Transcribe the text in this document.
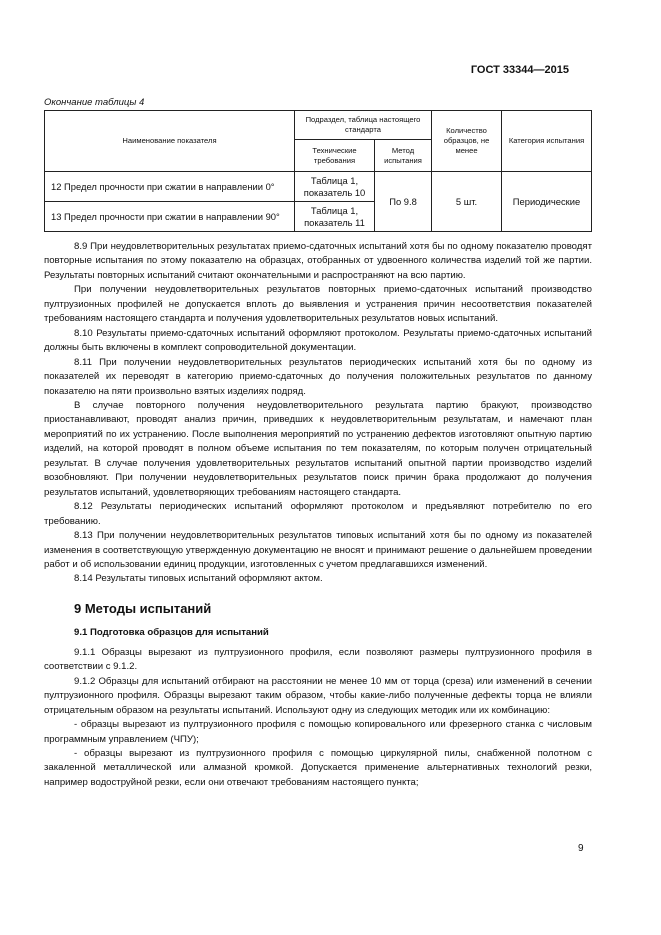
ГОСТ 33344—2015
Окончание таблицы 4
Наименование показателя	Подраздел, таблица настоящего стандарта		Количество образцов, не менее	Категория испытания
	Технические требования	Метод испытания		
12 Предел прочности при сжатии в направлении 0°	Таблица 1, показатель 10	По 9.8	5 шт.	Периодические
13 Предел прочности при сжатии в направлении 90°	Таблица 1, показатель 11			

8.9 При неудовлетворительных результатах приемо-сдаточных испытаний хотя бы по одному показателю проводят повторные испытания по этому показателю на образцах, отобранных от удвоенного количества изделий той же партии. Результаты повторных испытаний считают окончательными и распространяют на всю партию.

При получении неудовлетворительных результатов повторных приемо-сдаточных испытаний производство пултрузионных профилей не допускается вплоть до выявления и устранения причин несоответствия показателей требованиям настоящего стандарта и получения удовлетворительных результатов новых испытаний.

8.10 Результаты приемо-сдаточных испытаний оформляют протоколом. Результаты приемо-сдаточных испытаний должны быть включены в комплект сопроводительной документации.

8.11 При получении неудовлетворительных результатов периодических испытаний хотя бы по одному из показателей их переводят в категорию приемо-сдаточных до получения положительных результатов по данному показателю на пяти произвольно взятых изделиях подряд.

В случае повторного получения неудовлетворительного результата партию бракуют, производство приостанавливают, проводят анализ причин, приведших к неудовлетворительным результатам, и намечают план мероприятий по их устранению. После выполнения мероприятий по устранению дефектов изготовляют опытную партию изделий, на которой проводят в полном объеме испытания по тем показателям, по которым получен отрицательный результат. В случае получения удовлетворительных результатов испытаний опытной партии производство изделий возобновляют. При получении неудовлетворительных результатов поиск причин брака продолжают до получения результатов испытаний, удовлетворяющих требованиям настоящего стандарта.

8.12 Результаты периодических испытаний оформляют протоколом и предъявляют потребителю по его требованию.

8.13 При получении неудовлетворительных результатов типовых испытаний хотя бы по одному из показателей изменения в соответствующую утвержденную документацию не вносят и принимают решение о дальнейшем проведении работ и об использовании единиц продукции, изготовленных с учетом предлагавшихся изменений.

8.14 Результаты типовых испытаний оформляют актом.

9 Методы испытаний
9.1 Подготовка образцов для испытаний

9.1.1 Образцы вырезают из пултрузионного профиля, если позволяют размеры пултрузионного профиля в соответствии с 9.1.2.

9.1.2 Образцы для испытаний отбирают на расстоянии не менее 10 мм от торца (среза) или изменений в сечении пултрузионного профиля. Образцы вырезают таким образом, чтобы какие-либо полученные дефекты торца не влияли отрицательным образом на результаты испытаний. Используют одну из следующих методик или их комбинацию:

- образцы вырезают из пултрузионного профиля с помощью копировального или фрезерного станка с числовым программным управлением (ЧПУ);

- образцы вырезают из пултрузионного профиля с помощью циркулярной пилы, снабженной полотном с закаленной металлической или алмазной кромкой. Допускается применение альтернативных технологий резки, например водоструйной резки, если они отвечают требованиям настоящего пункта;

9
